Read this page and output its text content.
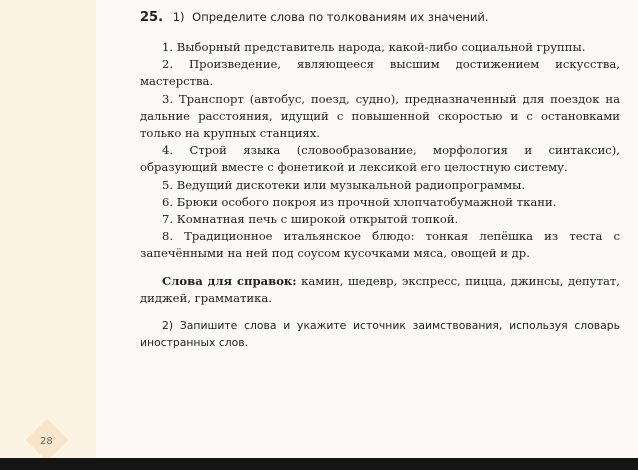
28
25. 1) Определите слова по толкованиям их значений.

1. Выборный представитель народа, какой-либо социальной группы.

2. Произведение, являющееся высшим достижением искусства, мастерства.

3. Транспорт (автобус, поезд, судно), предназначенный для поездок на дальние расстояния, идущий с повышенной скоростью и с остановками только на крупных станциях.

4. Строй языка (словообразование, морфология и синтаксис), образующий вместе с фонетикой и лексикой его целостную систему.

5. Ведущий дискотеки или музыкальной радиопрограммы.

6. Брюки особого покроя из прочной хлопчатобумажной ткани.

7. Комнатная печь с широкой открытой топкой.

8. Традиционное итальянское блюдо: тонкая лепёшка из теста с запечёнными на ней под соусом кусочками мяса, овощей и др.

Слова для справок: камин, шедевр, экспресс, пицца, джинсы, депутат, диджей, грамматика.

2) Запишите слова и укажите источник заимствования, используя словарь иностранных слов.
